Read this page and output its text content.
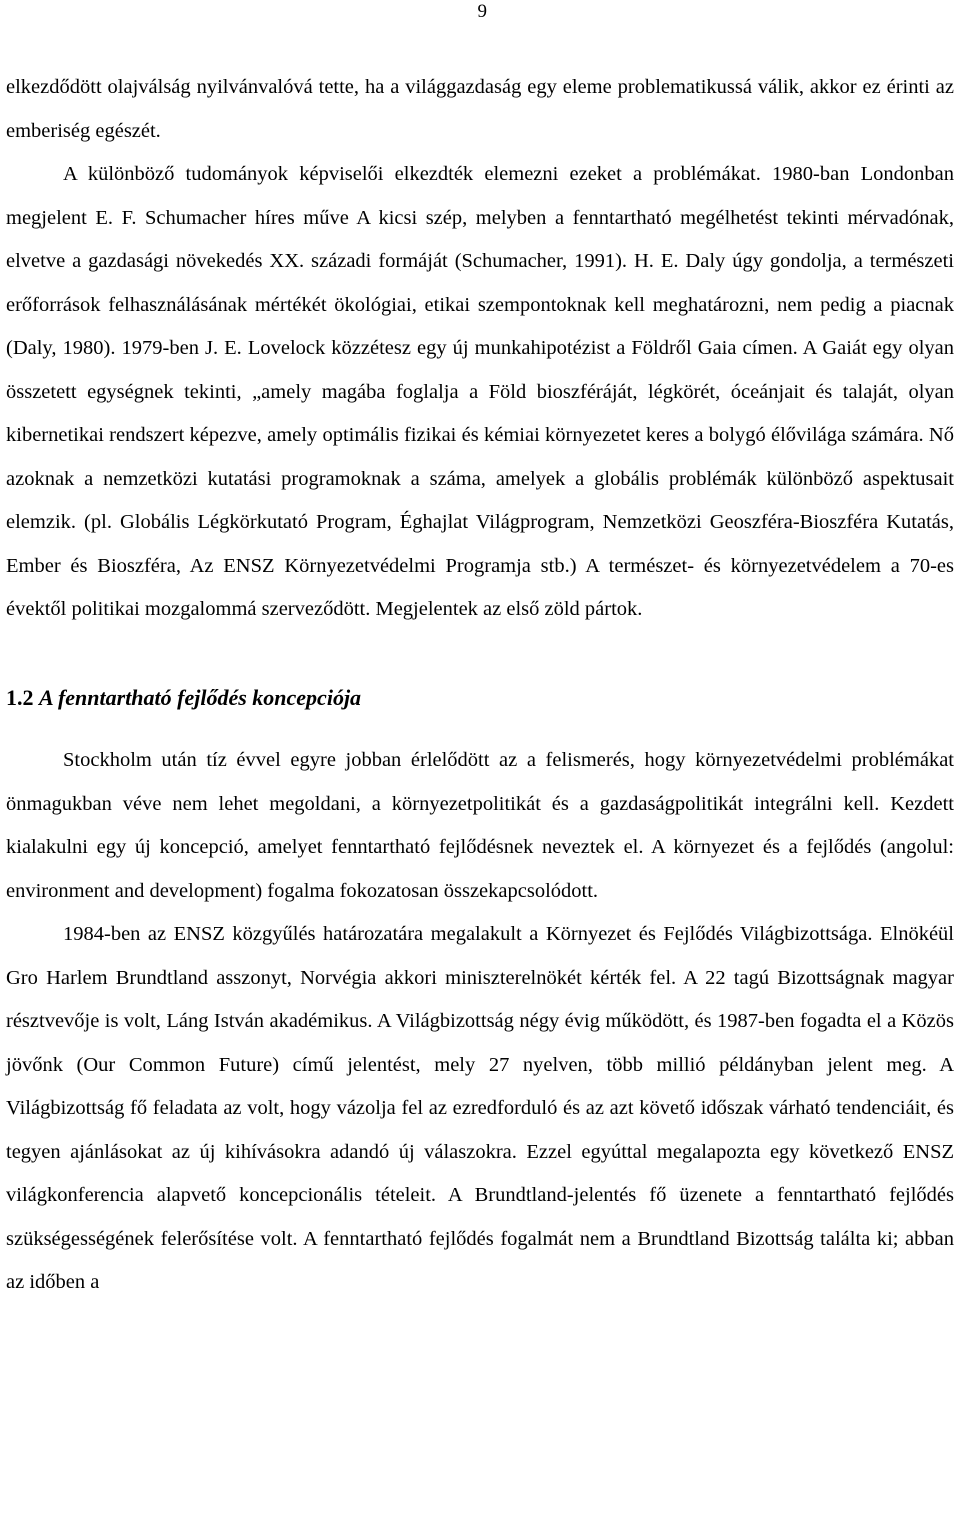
9

elkezdődött olajválság nyilvánvalóvá tette, ha a világgazdaság egy eleme problematikussá válik, akkor ez érinti az emberiség egészét.

A különböző tudományok képviselői elkezdték elemezni ezeket a problémákat. 1980-ban Londonban megjelent E. F. Schumacher híres műve A kicsi szép, melyben a fenntartható megélhetést tekinti mérvadónak, elvetve a gazdasági növekedés XX. századi formáját (Schumacher, 1991). H. E. Daly úgy gondolja, a természeti erőforrások felhasználásának mértékét ökológiai, etikai szempontoknak kell meghatározni, nem pedig a piacnak (Daly, 1980). 1979-ben J. E. Lovelock közzétesz egy új munkahipotézist a Földről Gaia címen. A Gaiát egy olyan összetett egységnek tekinti, „amely magába foglalja a Föld bioszféráját, légkörét, óceánjait és talaját, olyan kibernetikai rendszert képezve, amely optimális fizikai és kémiai környezetet keres a bolygó élővilága számára. Nő azoknak a nemzetközi kutatási programoknak a száma, amelyek a globális problémák különböző aspektusait elemzik. (pl. Globális Légkörkutató Program, Éghajlat Világprogram, Nemzetközi Geoszféra-Bioszféra Kutatás, Ember és Bioszféra, Az ENSZ Környezetvédelmi Programja stb.) A természet- és környezetvédelem a 70-es évektől politikai mozgalommá szerveződött. Megjelentek az első zöld pártok.

1.2 A fenntartható fejlődés koncepciója

Stockholm után tíz évvel egyre jobban érlelődött az a felismerés, hogy környezetvédelmi problémákat önmagukban véve nem lehet megoldani, a környezetpolitikát és a gazdaságpolitikát integrálni kell. Kezdett kialakulni egy új koncepció, amelyet fenntartható fejlődésnek neveztek el. A környezet és a fejlődés (angolul: environment and development) fogalma fokozatosan összekapcsolódott.

1984-ben az ENSZ közgyűlés határozatára megalakult a Környezet és Fejlődés Világbizottsága. Elnökéül Gro Harlem Brundtland asszonyt, Norvégia akkori miniszterelnökét kérték fel. A 22 tagú Bizottságnak magyar résztvevője is volt, Láng István akadémikus. A Világbizottság négy évig működött, és 1987-ben fogadta el a Közös jövőnk (Our Common Future) című jelentést, mely 27 nyelven, több millió példányban jelent meg. A Világbizottság fő feladata az volt, hogy vázolja fel az ezredforduló és az azt követő időszak várható tendenciáit, és tegyen ajánlásokat az új kihívásokra adandó új válaszokra. Ezzel egyúttal megalapozta egy következő ENSZ világkonferencia alapvető koncepcionális tételeit. A Brundtland-jelentés fő üzenete a fenntartható fejlődés szükségességének felerősítése volt. A fenntartható fejlődés fogalmát nem a Brundtland Bizottság találta ki; abban az időben a
